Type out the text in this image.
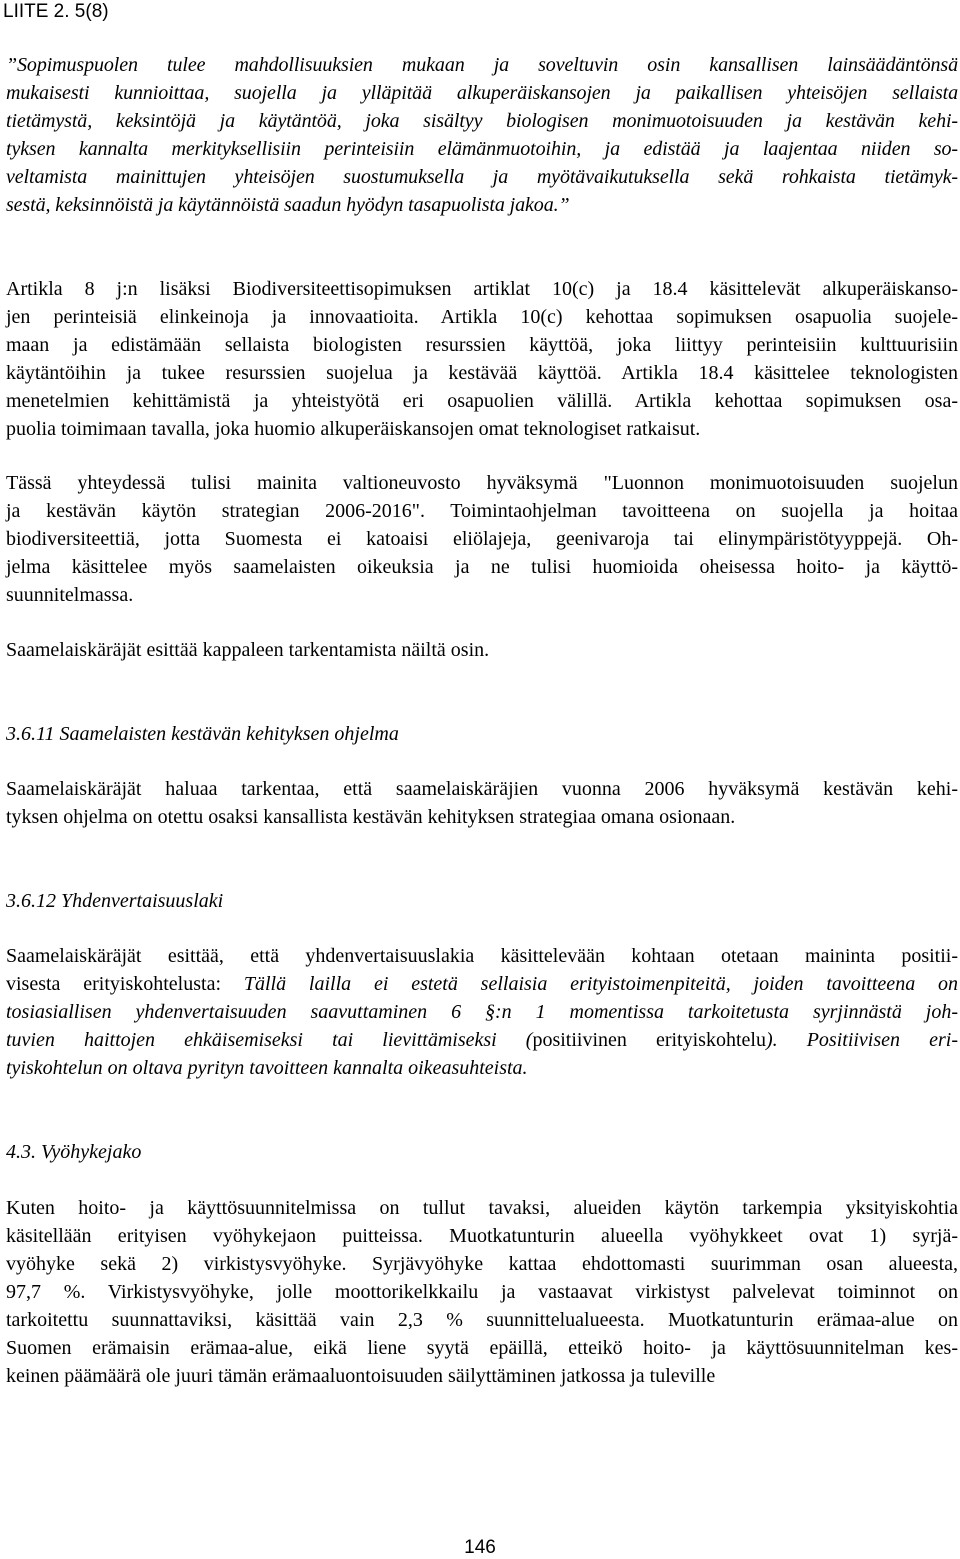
LIITE 2. 5(8)
”Sopimuspuolen tulee mahdollisuuksien mukaan ja soveltuvin osin kansallisen lainsäädäntönsä
mukaisesti kunnioittaa, suojella ja ylläpitää alkuperäiskansojen ja paikallisen yhteisöjen sellaista
tietämystä, keksintöjä ja käytäntöä, joka sisältyy biologisen monimuotoisuuden ja kestävän kehi-
tyksen kannalta merkityksellisiin perinteisiin elämänmuotoihin, ja edistää ja laajentaa niiden so-
veltamista mainittujen yhteisöjen suostumuksella ja myötävaikutuksella sekä rohkaista tietämyk-
sestä, keksinnöistä ja käytännöistä saadun hyödyn tasapuolista jakoa.”
Artikla 8 j:n lisäksi Biodiversiteettisopimuksen artiklat 10(c) ja 18.4 käsittelevät alkuperäiskanso-
jen perinteisiä elinkeinoja ja innovaatioita. Artikla 10(c) kehottaa sopimuksen osapuolia suojele-
maan ja edistämään sellaista biologisten resurssien käyttöä, joka liittyy perinteisiin kulttuurisiin
käytäntöihin ja tukee resurssien suojelua ja kestävää käyttöä. Artikla 18.4 käsittelee teknologisten
menetelmien kehittämistä ja yhteistyötä eri osapuolien välillä. Artikla kehottaa sopimuksen osa-
puolia toimimaan tavalla, joka huomio alkuperäiskansojen omat teknologiset ratkaisut.
Tässä yhteydessä tulisi mainita valtioneuvosto hyväksymä "Luonnon monimuotoisuuden suojelun
ja kestävän käytön strategian 2006-2016". Toimintaohjelman tavoitteena on suojella ja hoitaa
biodiversiteettiä, jotta Suomesta ei katoaisi eliölajeja, geenivaroja tai elinympäristötyyppejä. Oh-
jelma käsittelee myös saamelaisten oikeuksia ja ne tulisi huomioida oheisessa hoito- ja käyttö-
suunnitelmassa.
Saamelaiskäräjät esittää kappaleen tarkentamista näiltä osin.
3.6.11 Saamelaisten kestävän kehityksen ohjelma
Saamelaiskäräjät haluaa tarkentaa, että saamelaiskäräjien vuonna 2006 hyväksymä kestävän kehi-
tyksen ohjelma on otettu osaksi kansallista kestävän kehityksen strategiaa omana osionaan.
3.6.12 Yhdenvertaisuuslaki
Saamelaiskäräjät esittää, että yhdenvertaisuuslakia käsittelevään kohtaan otetaan maininta positii-
visesta erityiskohtelusta: Tällä lailla ei estetä sellaisia erityistoimenpiteitä, joiden tavoitteena on
tosiasiallisen yhdenvertaisuuden saavuttaminen 6 §:n 1 momentissa tarkoitetusta syrjinnästä joh-
tuvien haittojen ehkäisemiseksi tai lievittämiseksi (positiivinen erityiskohtelu). Positiivisen eri-
tyiskohtelun on oltava pyrityn tavoitteen kannalta oikeasuhteista.
4.3. Vyöhykejako
Kuten hoito- ja käyttösuunnitelmissa on tullut tavaksi, alueiden käytön tarkempia yksityiskohtia
käsitellään erityisen vyöhykejaon puitteissa. Muotkatunturin alueella vyöhykkeet ovat 1) syrjä-
vyöhyke sekä 2) virkistysvyöhyke. Syrjävyöhyke kattaa ehdottomasti suurimman osan alueesta,
97,7 %. Virkistysvyöhyke, jolle moottorikelkkailu ja vastaavat virkistyst palvelevat toiminnot on
tarkoitettu suunnattaviksi, käsittää vain 2,3 % suunnittelualueesta. Muotkatunturin erämaa-alue on
Suomen erämaisin erämaa-alue, eikä liene syytä epäillä, etteikö hoito- ja käyttösuunnitelman kes-
keinen päämäärä ole juuri tämän erämaaluontoisuuden säilyttäminen jatkossa ja tuleville
146
